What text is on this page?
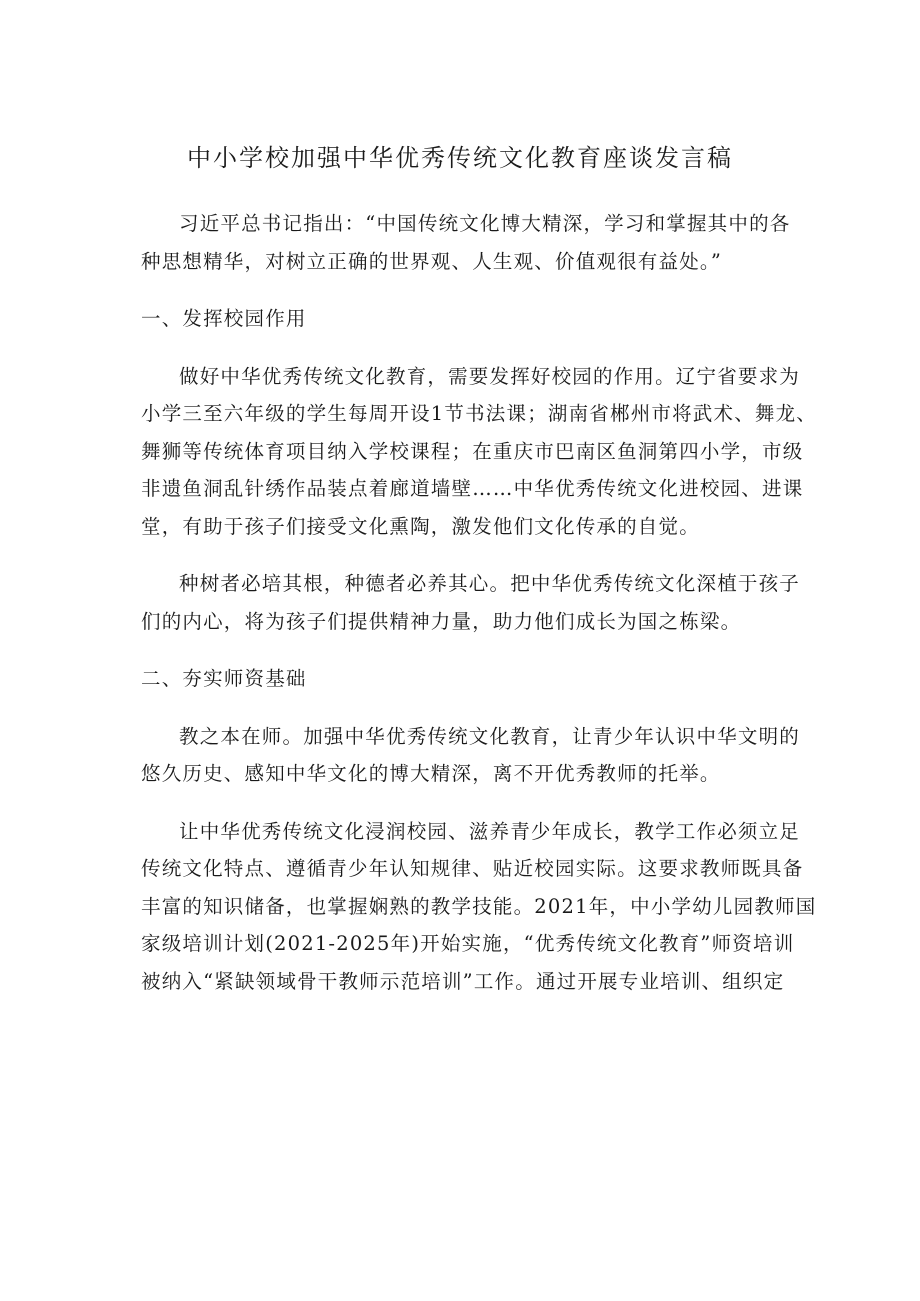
中小学校加强中华优秀传统文化教育座谈发言稿
习近平总书记指出：“中国传统文化博大精深，学习和掌握其中的各
种思想精华，对树立正确的世界观、人生观、价值观很有益处。”
一、发挥校园作用
做好中华优秀传统文化教育，需要发挥好校园的作用。辽宁省要求为
小学三至六年级的学生每周开设1节书法课；湖南省郴州市将武术、舞龙、
舞狮等传统体育项目纳入学校课程；在重庆市巴南区鱼洞第四小学，市级
非遗鱼洞乱针绣作品装点着廊道墙壁……中华优秀传统文化进校园、进课
堂，有助于孩子们接受文化熏陶，激发他们文化传承的自觉。
种树者必培其根，种德者必养其心。把中华优秀传统文化深植于孩子
们的内心，将为孩子们提供精神力量，助力他们成长为国之栋梁。
二、夯实师资基础
教之本在师。加强中华优秀传统文化教育，让青少年认识中华文明的
悠久历史、感知中华文化的博大精深，离不开优秀教师的托举。
让中华优秀传统文化浸润校园、滋养青少年成长，教学工作必须立足
传统文化特点、遵循青少年认知规律、贴近校园实际。这要求教师既具备
丰富的知识储备，也掌握娴熟的教学技能。2021年，中小学幼儿园教师国
家级培训计划(2021-2025年)开始实施，“优秀传统文化教育”师资培训
被纳入“紧缺领域骨干教师示范培训”工作。通过开展专业培训、组织定
